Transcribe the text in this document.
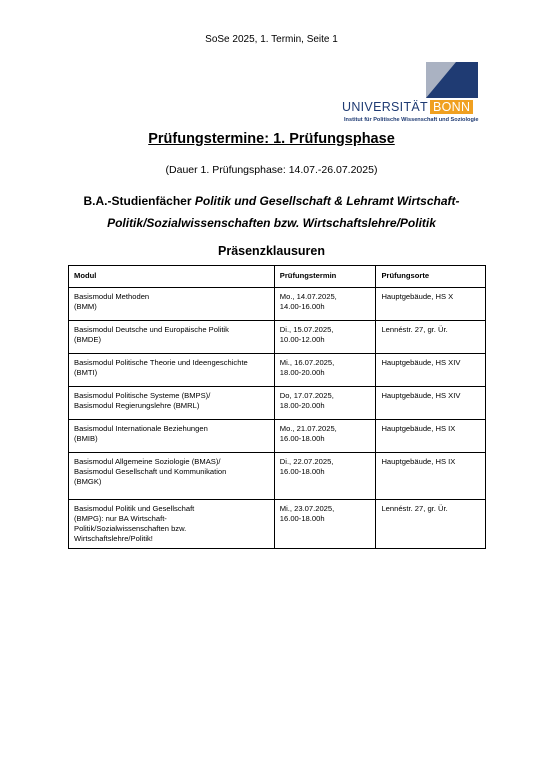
SoSe 2025, 1. Termin, Seite 1
UNIVERSITÄT BONN
Institut für Politische Wissenschaft und Soziologie
Prüfungstermine: 1. Prüfungsphase
(Dauer 1. Prüfungsphase: 14.07.-26.07.2025)
B.A.-Studienfächer Politik und Gesellschaft & Lehramt Wirtschaft-
Politik/Sozialwissenschaften bzw. Wirtschaftslehre/Politik
Präsenzklausuren
Modul	Prüfungstermin	Prüfungsorte

Basismodul Methoden
(BMM)	Mo., 14.07.2025,
14.00-16.00h	Hauptgebäude, HS X

Basismodul Deutsche und Europäische Politik
(BMDE)	Di., 15.07.2025,
10.00-12.00h	Lennéstr. 27, gr. Ür.

Basismodul Politische Theorie und Ideengeschichte
(BMTI)	Mi., 16.07.2025,
18.00-20.00h	Hauptgebäude, HS XIV

Basismodul Politische Systeme (BMPS)/
Basismodul Regierungslehre (BMRL)	Do, 17.07.2025,
18.00-20.00h	Hauptgebäude, HS XIV

Basismodul Internationale Beziehungen
(BMIB)	Mo., 21.07.2025,
16.00-18.00h	Hauptgebäude, HS IX

Basismodul Allgemeine Soziologie (BMAS)/
Basismodul Gesellschaft und Kommunikation
(BMGK)	Di., 22.07.2025,
16.00-18.00h	Hauptgebäude, HS IX

Basismodul Politik und Gesellschaft
(BMPG): nur BA Wirtschaft-
Politik/Sozialwissenschaften bzw.
Wirtschaftslehre/Politik!	Mi., 23.07.2025,
16.00-18.00h	Lennéstr. 27, gr. Ür.
